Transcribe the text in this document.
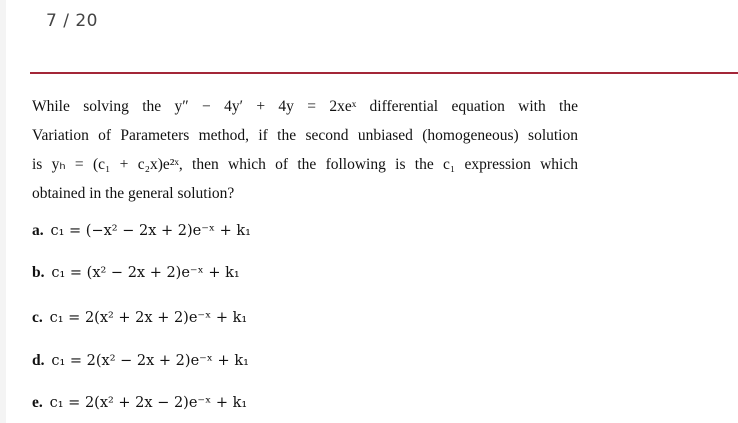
7 / 20
While solving the y″ − 4y′ + 4y = 2xeˣ differential equation with the
Variation of Parameters method, if the second unbiased (homogeneous) solution
is yₕ = (c₁ + c₂x)e²ˣ, then which of the following is the c₁ expression which
obtained in the general solution?
a. c₁ = (−x² − 2x + 2)e⁻ˣ + k₁
b. c₁ = (x² − 2x + 2)e⁻ˣ + k₁
c. c₁ = 2(x² + 2x + 2)e⁻ˣ + k₁
d. c₁ = 2(x² − 2x + 2)e⁻ˣ + k₁
e. c₁ = 2(x² + 2x − 2)e⁻ˣ + k₁
